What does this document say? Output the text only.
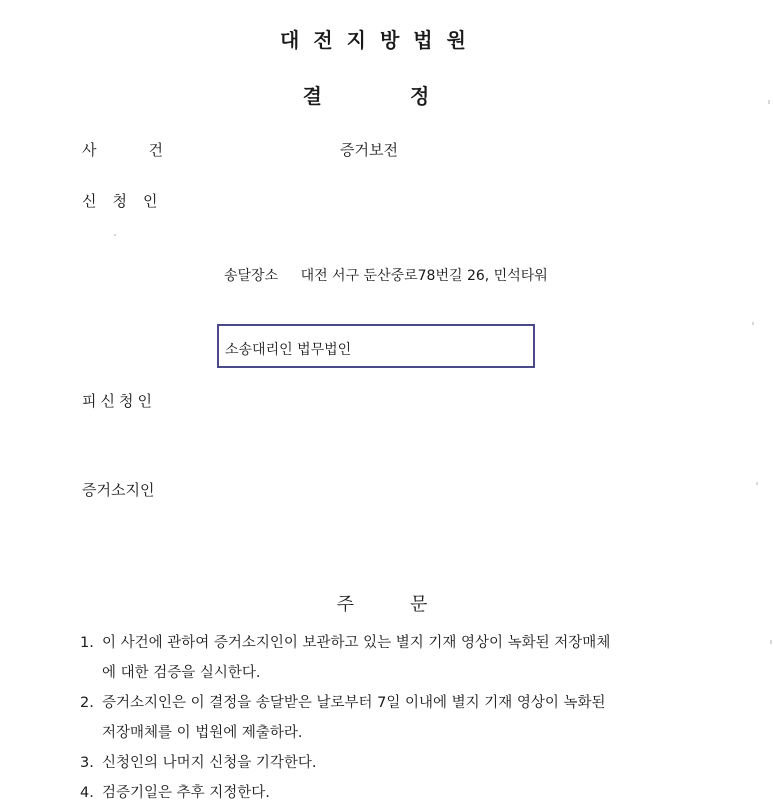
대전지방법원
결정
사건	증거보전
신청인
송달장소 대전 서구 둔산중로78번길 26, 민석타워
소송대리인 법무법인
피신청인
증거소지인
주문
1. 이 사건에 관하여 증거소지인이 보관하고 있는 별지 기재 영상이 녹화된 저장매체
에 대한 검증을 실시한다.
2. 증거소지인은 이 결정을 송달받은 날로부터 7일 이내에 별지 기재 영상이 녹화된
저장매체를 이 법원에 제출하라.
3. 신청인의 나머지 신청을 기각한다.
4. 검증기일은 추후 지정한다.
